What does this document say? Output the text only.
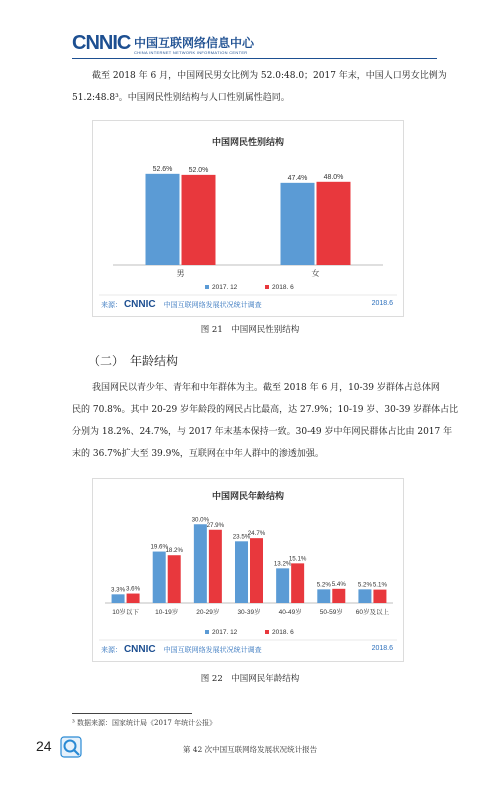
CNNIC 中国互联网络信息中心
CHINA INTERNET NETWORK INFORMATION CENTER
截至 2018 年 6 月，中国网民男女比例为 52.0:48.0；2017 年末，中国人口男女比例为
51.2:48.8³。中国网民性别结构与人口性别属性趋同。
中国网民性别结构
52.6% 52.0%
男
47.4% 48.0%
女
2017. 12	2018. 6
来源： CNNIC 中国互联网络发展状况统计调查	2018.6
图 21　中国网民性别结构
（二）　年龄结构
我国网民以青少年、青年和中年群体为主。截至 2018 年 6 月，10-39 岁群体占总体网
民的 70.8%。其中 20-29 岁年龄段的网民占比最高，达 27.9%；10-19 岁、30-39 岁群体占比
分别为 18.2%、24.7%，与 2017 年末基本保持一致。30-49 岁中年网民群体占比由 2017 年
末的 36.7%扩大至 39.9%，互联网在中年人群中的渗透加强。
中国网民年龄结构
3.3% 3.6%
10岁以下
19.6%
18.2%
10-19岁
30.0%
27.9%
20-29岁
23.5%
24.7%
30-39岁
13.2%
15.1%
40-49岁
5.2% 5.4%
50-59岁
5.2% 5.1%
60岁及以上
2017. 12	2018. 6
来源： CNNIC 中国互联网络发展状况统计调查	2018.6
图 22　中国网民年龄结构
³ 数据来源：国家统计局《2017 年统计公报》
24	第 42 次中国互联网络发展状况统计报告
